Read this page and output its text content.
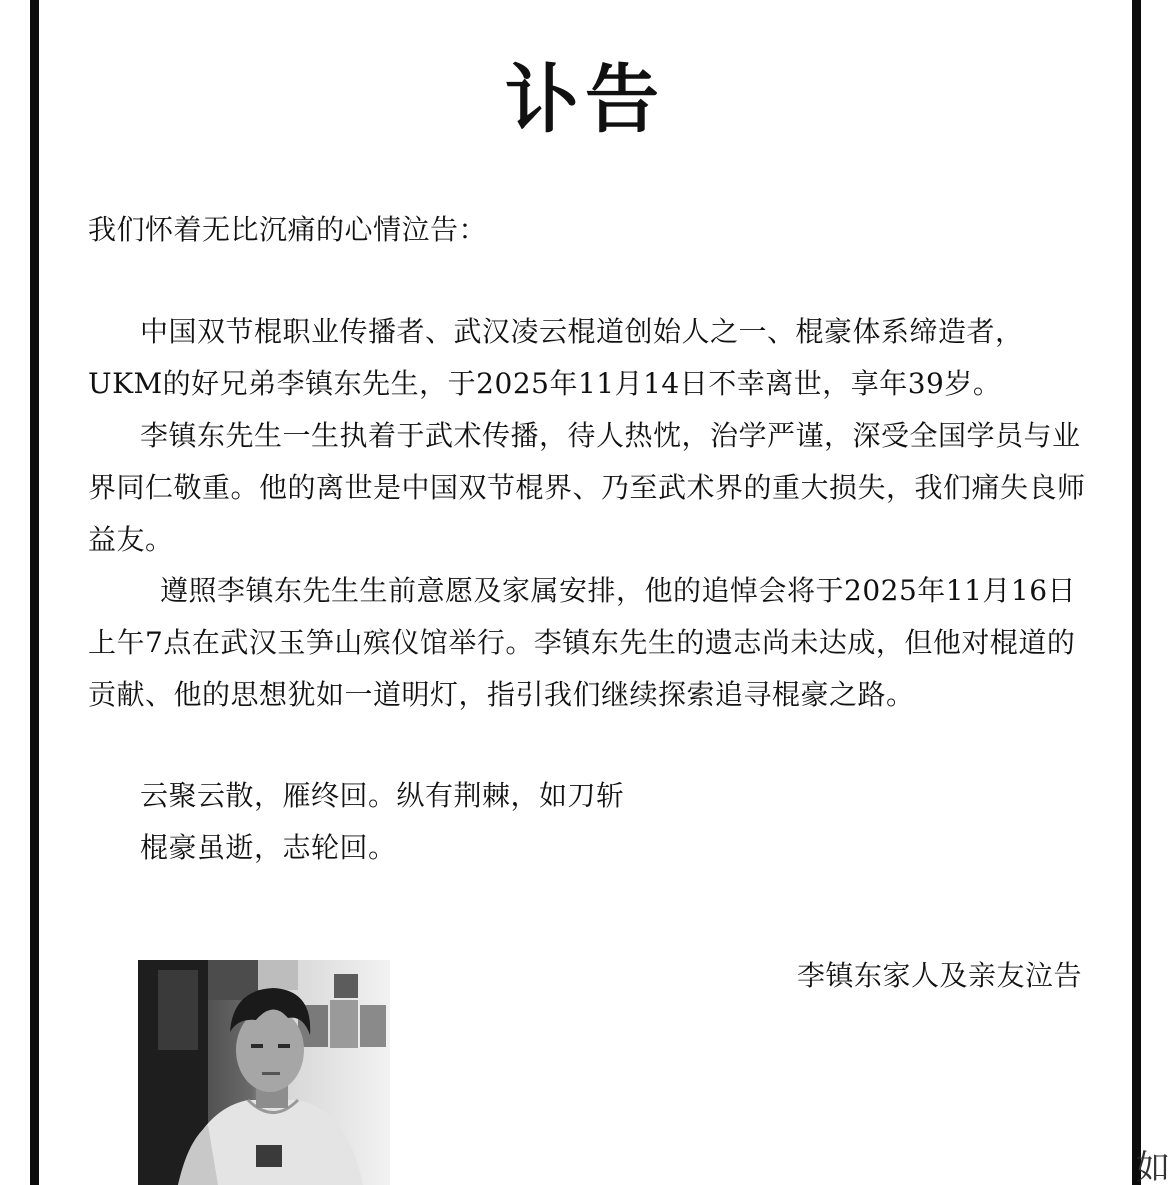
讣告
我们怀着无比沉痛的心情泣告：
中国双节棍职业传播者、武汉凌云棍道创始人之一、棍豪体系缔造者，UKM的好兄弟李镇东先生，于2025年11月14日不幸离世，享年39岁。
李镇东先生一生执着于武术传播，待人热忱，治学严谨，深受全国学员与业界同仁敬重。他的离世是中国双节棍界、乃至武术界的重大损失，我们痛失良师益友。
遵照李镇东先生生前意愿及家属安排，他的追悼会将于2025年11月16日上午7点在武汉玉笋山殡仪馆举行。李镇东先生的遗志尚未达成，但他对棍道的贡献、他的思想犹如一道明灯，指引我们继续探索追寻棍豪之路。
云聚云散，雁终回。纵有荆棘，如刀斩
棍豪虽逝，志轮回。
李镇东家人及亲友泣告
如
